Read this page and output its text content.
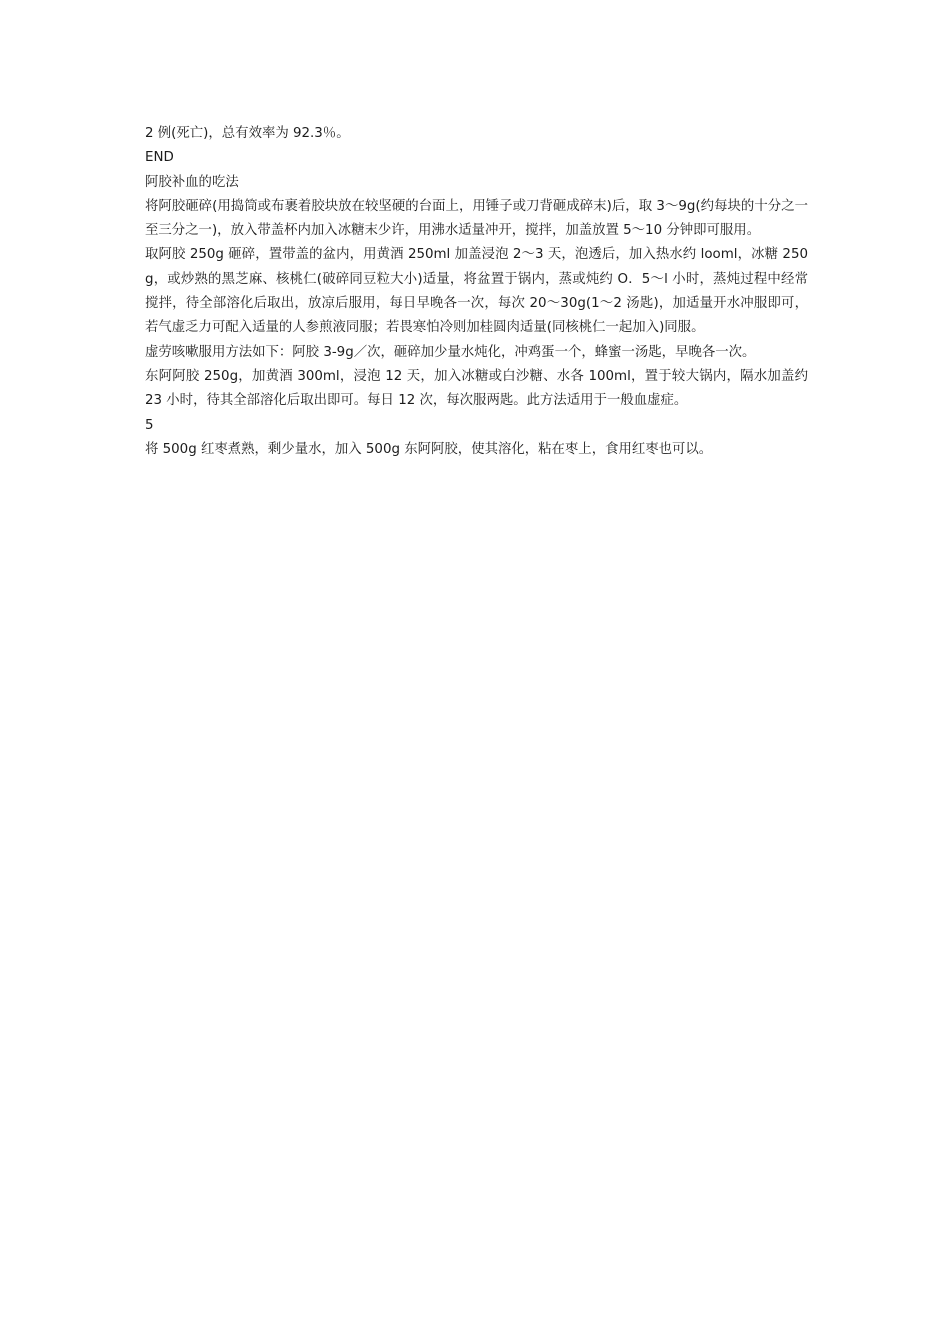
2 例(死亡)，总有效率为 92.3％。

END

阿胶补血的吃法

将阿胶砸碎(用捣筒或布裹着胶块放在较坚硬的台面上，用锤子或刀背砸成碎末)后，取 3～9g(约每块的十分之一至三分之一)，放入带盖杯内加入冰糖末少许，用沸水适量冲开，搅拌，加盖放置 5～10 分钟即可服用。

取阿胶 250g 砸碎，置带盖的盆内，用黄酒 250ml 加盖浸泡 2～3 天，泡透后，加入热水约 looml，冰糖 250g，或炒熟的黑芝麻、核桃仁(破碎同豆粒大小)适量，将盆置于锅内，蒸或炖约 O．5～l 小时，蒸炖过程中经常搅拌，待全部溶化后取出，放凉后服用，每日早晚各一次，每次 20～30g(1～2 汤匙)，加适量开水冲服即可，若气虚乏力可配入适量的人参煎液同服；若畏寒怕冷则加桂圆肉适量(同核桃仁一起加入)同服。

虚劳咳嗽服用方法如下：阿胶 3-9g／次，砸碎加少量水炖化，冲鸡蛋一个，蜂蜜一汤匙，早晚各一次。

东阿阿胶 250g，加黄酒 300ml，浸泡 12 天，加入冰糖或白沙糖、水各 100ml，置于较大锅内，隔水加盖约 23 小时，待其全部溶化后取出即可。每日 12 次，每次服两匙。此方法适用于一般血虚症。

5

将 500g 红枣煮熟，剩少量水，加入 500g 东阿阿胶，使其溶化，粘在枣上，食用红枣也可以。
